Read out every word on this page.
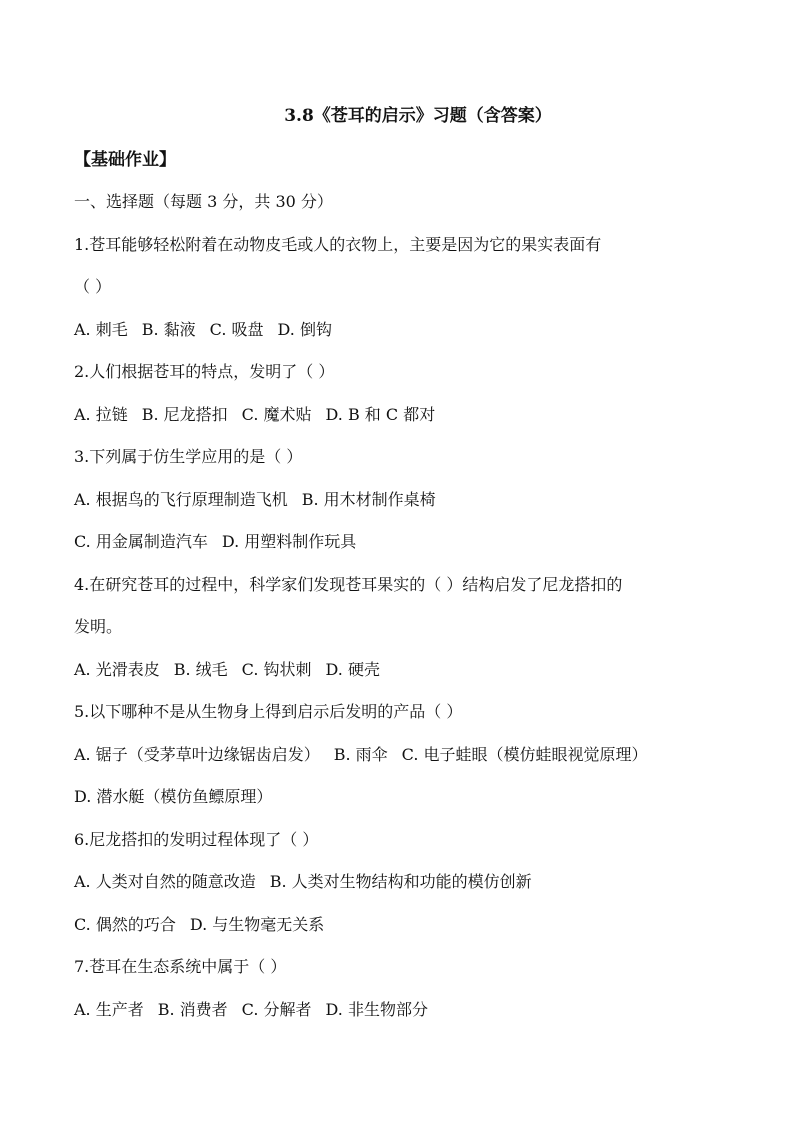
3.8《苍耳的启示》习题（含答案）
【基础作业】
一、选择题（每题 3 分，共 30 分）
1.苍耳能够轻松附着在动物皮毛或人的衣物上，主要是因为它的果实表面有
（ ）
A. 刺毛 B. 黏液 C. 吸盘 D. 倒钩
2.人们根据苍耳的特点，发明了（ ）
A. 拉链 B. 尼龙搭扣 C. 魔术贴 D. B 和 C 都对
3.下列属于仿生学应用的是（ ）
A. 根据鸟的飞行原理制造飞机 B. 用木材制作桌椅
C. 用金属制造汽车 D. 用塑料制作玩具
4.在研究苍耳的过程中，科学家们发现苍耳果实的（ ）结构启发了尼龙搭扣的
发明。
A. 光滑表皮 B. 绒毛 C. 钩状刺 D. 硬壳
5.以下哪种不是从生物身上得到启示后发明的产品（ ）
A. 锯子（受茅草叶边缘锯齿启发） B. 雨伞 C. 电子蛙眼（模仿蛙眼视觉原理）
D. 潜水艇（模仿鱼鳔原理）
6.尼龙搭扣的发明过程体现了（ ）
A. 人类对自然的随意改造 B. 人类对生物结构和功能的模仿创新
C. 偶然的巧合 D. 与生物毫无关系
7.苍耳在生态系统中属于（ ）
A. 生产者 B. 消费者 C. 分解者 D. 非生物部分
